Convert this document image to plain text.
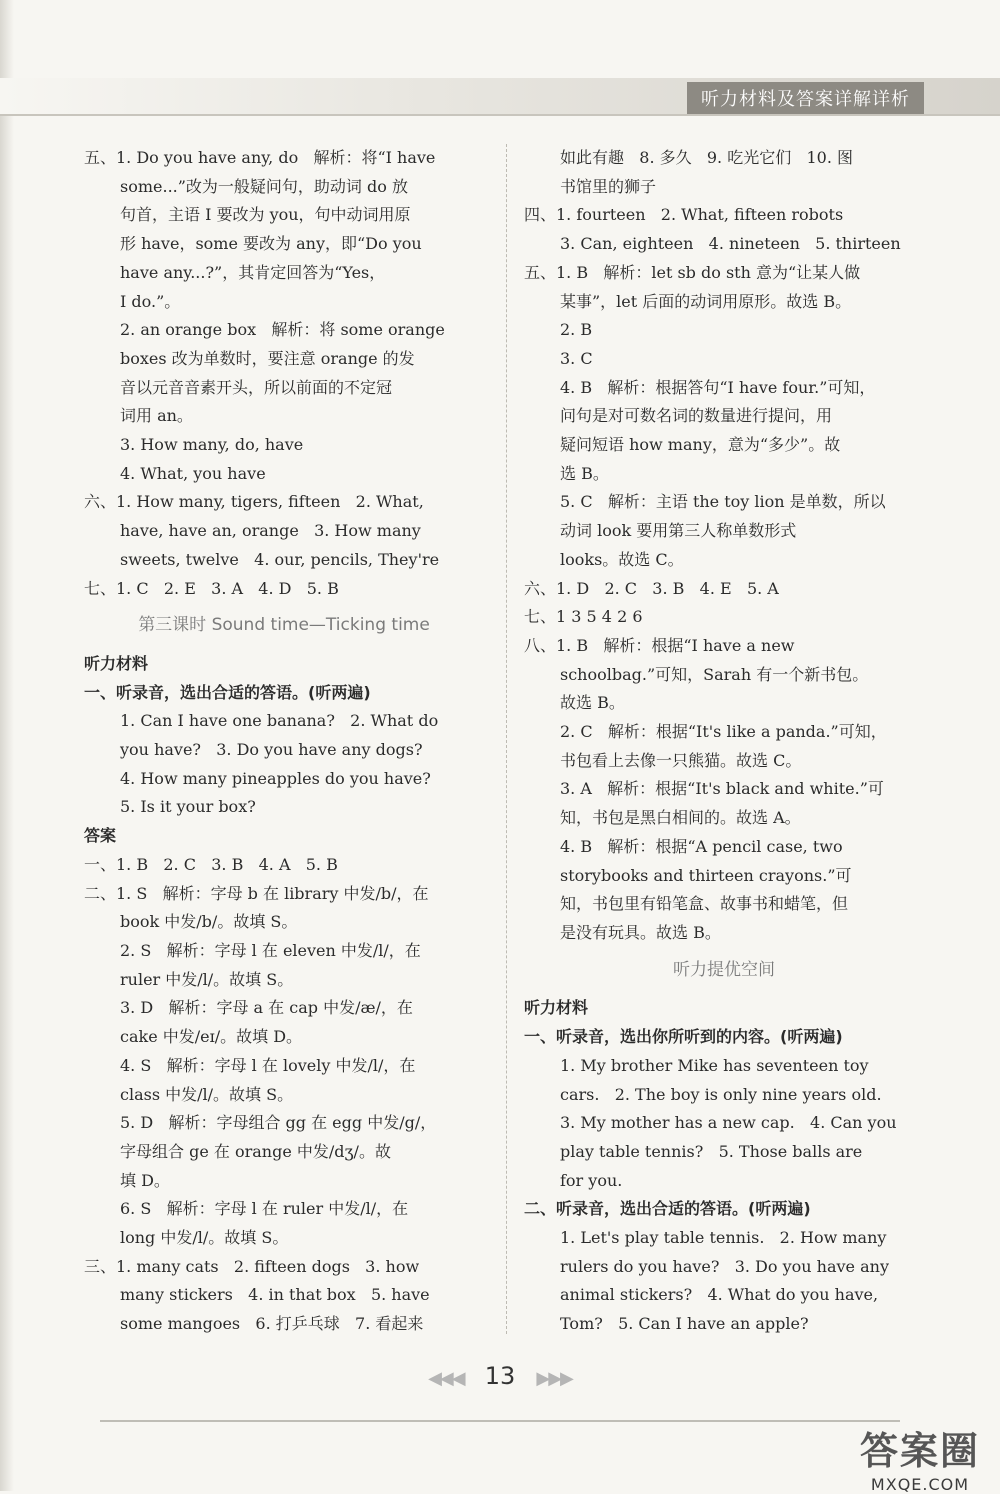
听力材料及答案详解详析
五、1. Do you have any, do   解析：将“I have
some...”改为一般疑问句，助动词 do 放
句首，主语 I 要改为 you，句中动词用原
形 have，some 要改为 any，即“Do you
have any...?”，其肯定回答为“Yes，
I do.”。
2. an orange box   解析：将 some orange
boxes 改为单数时，要注意 orange 的发
音以元音音素开头，所以前面的不定冠
词用 an。
3. How many, do, have
4. What, you have
六、1. How many, tigers, fifteen   2. What,
have, have an, orange   3. How many
sweets, twelve   4. our, pencils, They're
七、1. C   2. E   3. A   4. D   5. B
第三课时 Sound time—Ticking time
听力材料
一、听录音，选出合适的答语。(听两遍)
1. Can I have one banana?   2. What do
you have?   3. Do you have any dogs?
4. How many pineapples do you have?
5. Is it your box?
答案
一、1. B   2. C   3. B   4. A   5. B
二、1. S   解析：字母 b 在 library 中发/b/，在
book 中发/b/。故填 S。
2. S   解析：字母 l 在 eleven 中发/l/，在
ruler 中发/l/。故填 S。
3. D   解析：字母 a 在 cap 中发/æ/，在
cake 中发/eɪ/。故填 D。
4. S   解析：字母 l 在 lovely 中发/l/，在
class 中发/l/。故填 S。
5. D   解析：字母组合 gg 在 egg 中发/g/，
字母组合 ge 在 orange 中发/dʒ/。故
填 D。
6. S   解析：字母 l 在 ruler 中发/l/，在
long 中发/l/。故填 S。
三、1. many cats   2. fifteen dogs   3. how
many stickers   4. in that box   5. have
some mangoes   6. 打乒乓球   7. 看起来
如此有趣   8. 多久   9. 吃光它们   10. 图
书馆里的狮子
四、1. fourteen   2. What, fifteen robots
3. Can, eighteen   4. nineteen   5. thirteen
五、1. B   解析：let sb do sth 意为“让某人做
某事”，let 后面的动词用原形。故选 B。
2. B
3. C
4. B   解析：根据答句“I have four.”可知，
问句是对可数名词的数量进行提问，用
疑问短语 how many，意为“多少”。故
选 B。
5. C   解析：主语 the toy lion 是单数，所以
动词 look 要用第三人称单数形式
looks。故选 C。
六、1. D   2. C   3. B   4. E   5. A
七、1 3 5 4 2 6
八、1. B   解析：根据“I have a new
schoolbag.”可知，Sarah 有一个新书包。
故选 B。
2. C   解析：根据“It's like a panda.”可知，
书包看上去像一只熊猫。故选 C。
3. A   解析：根据“It's black and white.”可
知，书包是黑白相间的。故选 A。
4. B   解析：根据“A pencil case, two
storybooks and thirteen crayons.”可
知，书包里有铅笔盒、故事书和蜡笔，但
是没有玩具。故选 B。
听力提优空间
听力材料
一、听录音，选出你所听到的内容。(听两遍)
1. My brother Mike has seventeen toy
cars.   2. The boy is only nine years old.
3. My mother has a new cap.   4. Can you
play table tennis?   5. Those balls are
for you.
二、听录音，选出合适的答语。(听两遍)
1. Let's play table tennis.   2. How many
rulers do you have?   3. Do you have any
animal stickers?   4. What do you have,
Tom?   5. Can I have an apple?
◀◀◀ 13 ▶▶▶
答案圈
MXQE.COM
